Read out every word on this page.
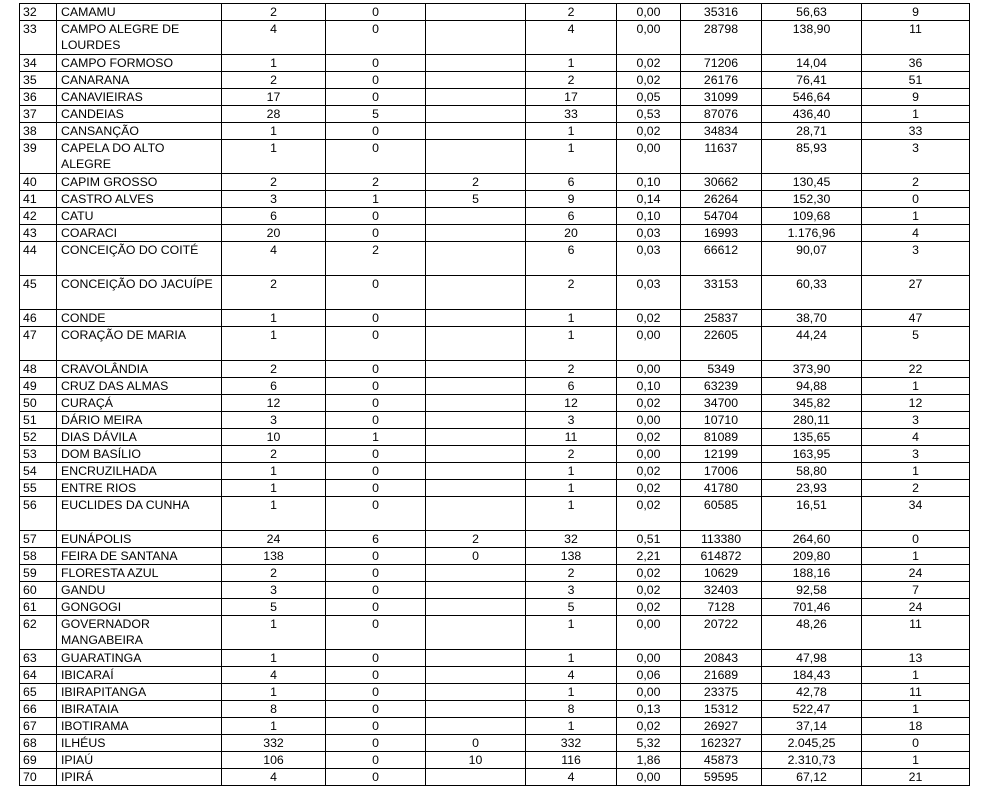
32	CAMAMU	2	0		2	0,00	35316	56,63	9
33	CAMPO ALEGRE DE LOURDES	4	0		4	0,00	28798	138,90	11
34	CAMPO FORMOSO	1	0		1	0,02	71206	14,04	36
35	CANARANA	2	0		2	0,02	26176	76,41	51
36	CANAVIEIRAS	17	0		17	0,05	31099	546,64	9
37	CANDEIAS	28	5		33	0,53	87076	436,40	1
38	CANSANÇÃO	1	0		1	0,02	34834	28,71	33
39	CAPELA DO ALTO ALEGRE	1	0		1	0,00	11637	85,93	3
40	CAPIM GROSSO	2	2	2	6	0,10	30662	130,45	2
41	CASTRO ALVES	3	1	5	9	0,14	26264	152,30	0
42	CATU	6	0		6	0,10	54704	109,68	1
43	COARACI	20	0		20	0,03	16993	1.176,96	4
44	CONCEIÇÃO DO COITÉ	4	2		6	0,03	66612	90,07	3
45	CONCEIÇÃO DO JACUÍPE	2	0		2	0,03	33153	60,33	27
46	CONDE	1	0		1	0,02	25837	38,70	47
47	CORAÇÃO DE MARIA	1	0		1	0,00	22605	44,24	5
48	CRAVOLÂNDIA	2	0		2	0,00	5349	373,90	22
49	CRUZ DAS ALMAS	6	0		6	0,10	63239	94,88	1
50	CURAÇÁ	12	0		12	0,02	34700	345,82	12
51	DÁRIO MEIRA	3	0		3	0,00	10710	280,11	3
52	DIAS DÁVILA	10	1		11	0,02	81089	135,65	4
53	DOM BASÍLIO	2	0		2	0,00	12199	163,95	3
54	ENCRUZILHADA	1	0		1	0,02	17006	58,80	1
55	ENTRE RIOS	1	0		1	0,02	41780	23,93	2
56	EUCLIDES DA CUNHA	1	0		1	0,02	60585	16,51	34
57	EUNÁPOLIS	24	6	2	32	0,51	113380	264,60	0
58	FEIRA DE SANTANA	138	0	0	138	2,21	614872	209,80	1
59	FLORESTA AZUL	2	0		2	0,02	10629	188,16	24
60	GANDU	3	0		3	0,02	32403	92,58	7
61	GONGOGI	5	0		5	0,02	7128	701,46	24
62	GOVERNADOR MANGABEIRA	1	0		1	0,00	20722	48,26	11
63	GUARATINGA	1	0		1	0,00	20843	47,98	13
64	IBICARAÍ	4	0		4	0,06	21689	184,43	1
65	IBIRAPITANGA	1	0		1	0,00	23375	42,78	11
66	IBIRATAIA	8	0		8	0,13	15312	522,47	1
67	IBOTIRAMA	1	0		1	0,02	26927	37,14	18
68	ILHÉUS	332	0	0	332	5,32	162327	2.045,25	0
69	IPIAÚ	106	0	10	116	1,86	45873	2.310,73	1
70	IPIRÁ	4	0		4	0,00	59595	67,12	21
